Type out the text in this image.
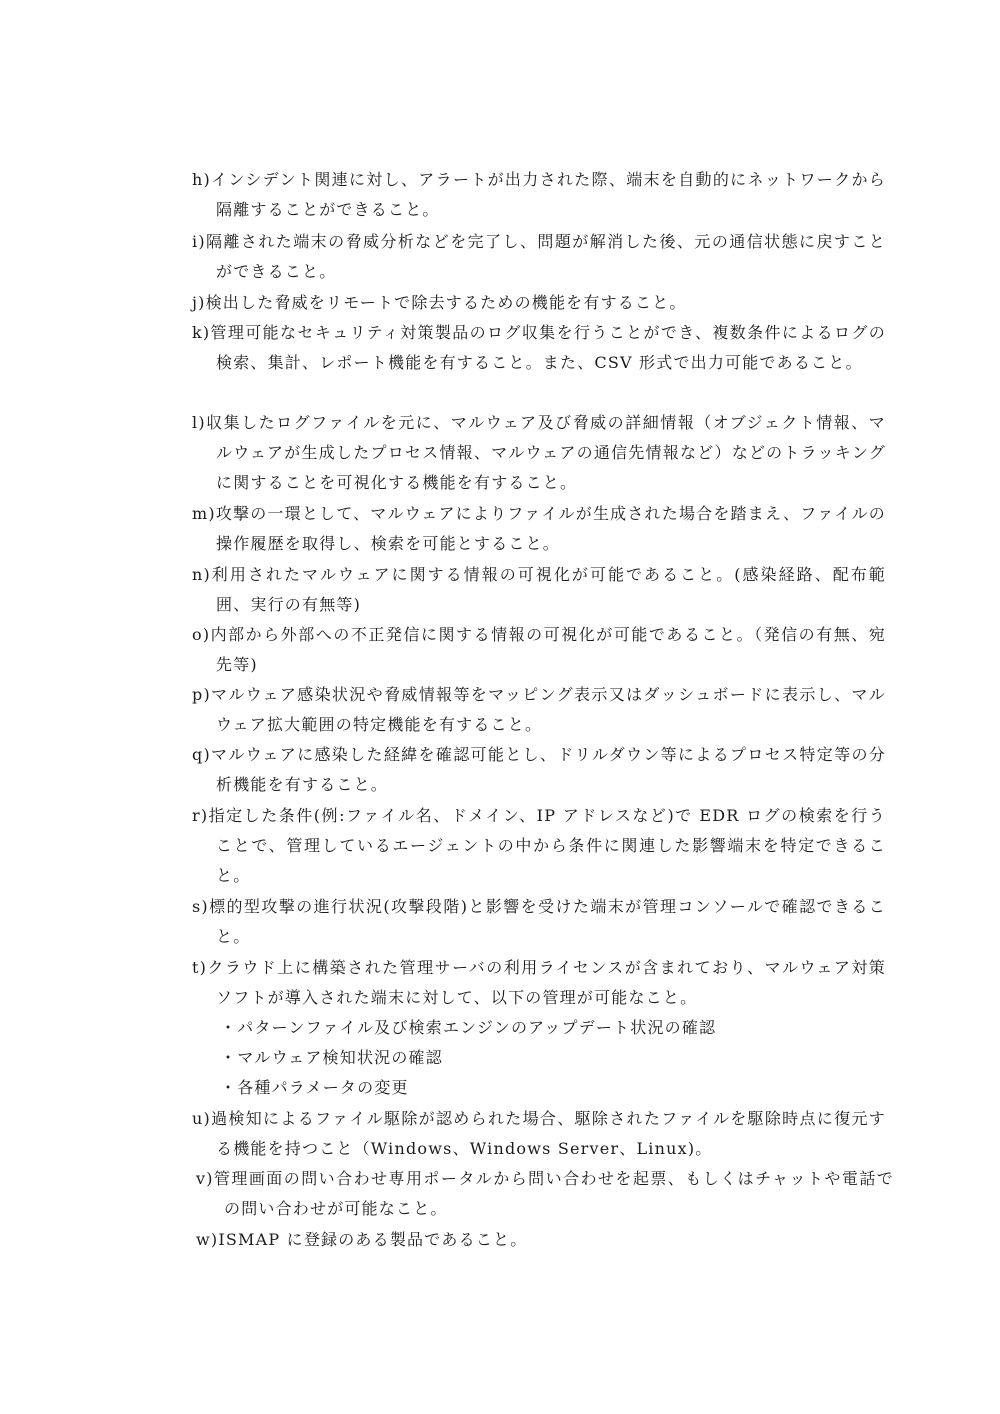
h)インシデント関連に対し、アラートが出力された際、端末を自動的にネットワークから隔離することができること。
i)隔離された端末の脅威分析などを完了し、問題が解消した後、元の通信状態に戻すことができること。
j)検出した脅威をリモートで除去するための機能を有すること。
k)管理可能なセキュリティ対策製品のログ収集を行うことができ、複数条件によるログの検索、集計、レポート機能を有すること。また、CSV 形式で出力可能であること。
l)収集したログファイルを元に、マルウェア及び脅威の詳細情報（オブジェクト情報、マルウェアが生成したプロセス情報、マルウェアの通信先情報など）などのトラッキングに関することを可視化する機能を有すること。
m)攻撃の一環として、マルウェアによりファイルが生成された場合を踏まえ、ファイルの操作履歴を取得し、検索を可能とすること。
n)利用されたマルウェアに関する情報の可視化が可能であること。(感染経路、配布範囲、実行の有無等)
o)内部から外部への不正発信に関する情報の可視化が可能であること。（発信の有無、宛先等)
p)マルウェア感染状況や脅威情報等をマッピング表示又はダッシュボードに表示し、マルウェア拡大範囲の特定機能を有すること。
q)マルウェアに感染した経緯を確認可能とし、ドリルダウン等によるプロセス特定等の分析機能を有すること。
r)指定した条件(例:ファイル名、ドメイン、IP アドレスなど)で EDR ログの検索を行うことで、管理しているエージェントの中から条件に関連した影響端末を特定できること。
s)標的型攻撃の進行状況(攻撃段階)と影響を受けた端末が管理コンソールで確認できること。
t)クラウド上に構築された管理サーバの利用ライセンスが含まれており、マルウェア対策ソフトが導入された端末に対して、以下の管理が可能なこと。
・パターンファイル及び検索エンジンのアップデート状況の確認
・マルウェア検知状況の確認
・各種パラメータの変更
u)過検知によるファイル駆除が認められた場合、駆除されたファイルを駆除時点に復元する機能を持つこと（Windows、Windows Server、Linux)。
v)管理画面の問い合わせ専用ポータルから問い合わせを起票、もしくはチャットや電話での問い合わせが可能なこと。
w)ISMAP に登録のある製品であること。
